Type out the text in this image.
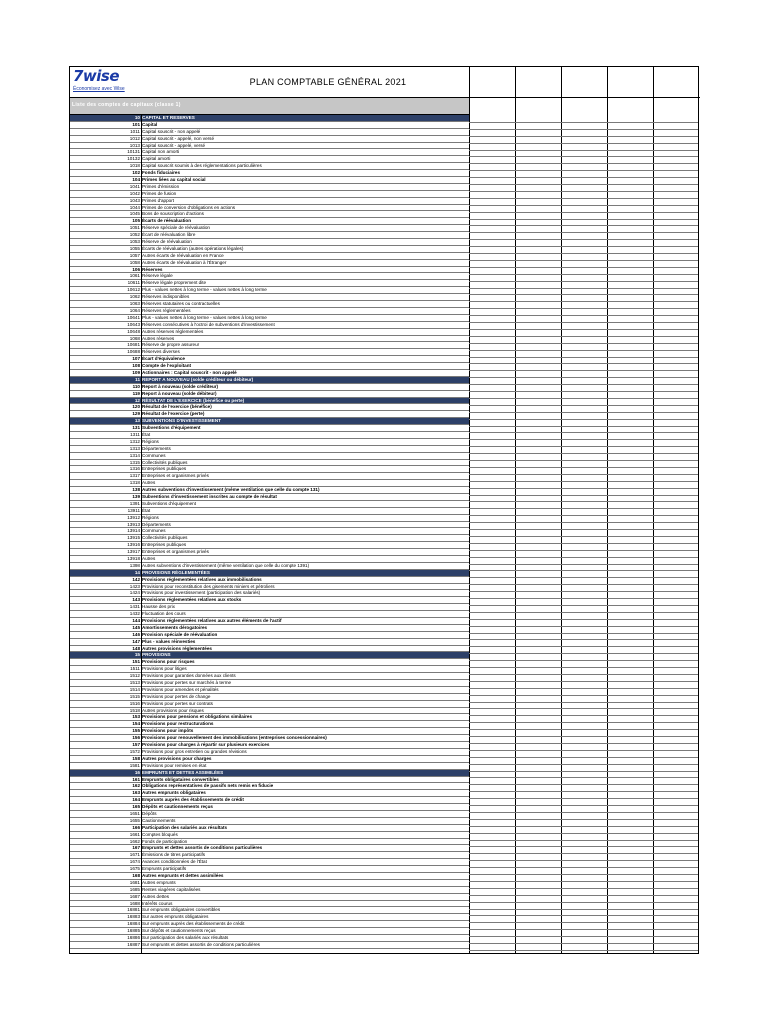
7wise
Économisez avec Wise
PLAN COMPTABLE GÉNÉRAL 2021
Liste des comptes de capitaux (classe 1)
10 CAPITAL ET RESERVES
101 Capital
1011 Capital souscrit - non appelé
1012 Capital souscrit - appelé, non versé
1013 Capital souscrit - appelé, versé
10131 Capital non amorti
10132 Capital amorti
1018 Capital souscrit soumis à des réglementations particulières
102 Fonds fiduciaires
104 Primes liées au capital social
1041 Primes d'émission
1042 Primes de fusion
1043 Primes d'apport
1044 Primes de conversion d'obligations en actions
1045 Bons de souscription d'actions
105 Écarts de réévaluation
1051 Réserve spéciale de réévaluation
1052 Écart de réévaluation libre
1053 Réserve de réévaluation
1055 Écarts de réévaluation (autres opérations légales)
1057 Autres écarts de réévaluation en France
1058 Autres écarts de réévaluation à l'Étranger
106 Réserves
1061 Réserve légale
10611 Réserve légale proprement dite
10612 Plus - values nettes à long terme - values nettes à long terme
1062 Réserves indisponibles
1063 Réserves statutaires ou contractuelles
1064 Réserves réglementées
10641 Plus - values nettes à long terme - values nettes à long terme
10643 Réserves consécutives à l'octroi de subventions d'investissement
10648 Autres réserves réglementées
1068 Autres réserves
10681 Réserve de propre assureur
10688 Réserves diverses
107 Écart d'équivalence
108 Compte de l'exploitant
109 Actionnaires : Capital souscrit - non appelé
11 REPORT A NOUVEAU (solde créditeur ou débiteur)
110 Report à nouveau (solde créditeur)
119 Report à nouveau (solde débiteur)
12 RÉSULTAT DE L'EXERCICE (bénéfice ou perte)
120 Résultat de l'exercice (bénéfice)
129 Résultat de l'exercice (perte)
13 SUBVENTIONS D'INVESTISSEMENT
131 Subventions d'équipement
1311 État
1312 Régions
1313 Départements
1314 Communes
1315 Collectivités publiques
1316 Entreprises publiques
1317 Entreprises et organismes privés
1318 Autres
138 Autres subventions d'investissement (même ventilation que celle du compte 131)
139 Subventions d'investissement inscrites au compte de résultat
1391 Subventions d'équipement
13911 État
13912 Régions
13913 Départements
13914 Communes
13915 Collectivités publiques
13916 Entreprises publiques
13917 Entreprises et organismes privés
13918 Autres
1398 Autres subventions d'investissement (même ventilation que celle du compte 1391)
14 PROVISIONS RÉGLEMENTÉES
142 Provisions réglementées relatives aux immobilisations
1423 Provisions pour reconstitution des gisements miniers et pétroliers
1424 Provisions pour investissement (participation des salariés)
143 Provisions réglementées relatives aux stocks
1431 Hausse des prix
1432 Fluctuation des cours
144 Provisions réglementées relatives aux autres éléments de l'actif
145 Amortissements dérogatoires
146 Provision spéciale de réévaluation
147 Plus - values réinvesties
148 Autres provisions réglementées
15 PROVISIONS
151 Provisions pour risques
1511 Provisions pour litiges
1512 Provisions pour garanties données aux clients
1513 Provisions pour pertes sur marchés à terme
1514 Provisions pour amendes et pénalités
1515 Provisions pour pertes de change
1516 Provisions pour pertes sur contrats
1518 Autres provisions pour risques
153 Provisions pour pensions et obligations similaires
154 Provisions pour restructurations
155 Provisions pour impôts
156 Provisions pour renouvellement des immobilisations (entreprises concessionnaires)
157 Provisions pour charges à répartir sur plusieurs exercices
1572 Provisions pour gros entretien ou grandes révisions
158 Autres provisions pour charges
1581 Provisions pour remises en état
16 EMPRUNTS ET DETTES ASSIMILÉES
161 Emprunts obligataires convertibles
162 Obligations représentatives de passifs nets remis en fiducie
163 Autres emprunts obligataires
164 Emprunts auprès des établissements de crédit
165 Dépôts et cautionnements reçus
1651 Dépôts
1655 Cautionnements
166 Participation des salariés aux résultats
1661 Comptes bloqués
1662 Fonds de participation
167 Emprunts et dettes assortis de conditions particulières
1671 Émissions de titres participatifs
1674 Avances conditionnées de l'État
1675 Emprunts participatifs
168 Autres emprunts et dettes assimilées
1681 Autres emprunts
1685 Rentes viagères capitalisées
1687 Autres dettes
1688 Intérêts courus
16881 Sur emprunts obligataires convertibles
16883 Sur autres emprunts obligataires
16884 Sur emprunts auprès des établissements de crédit
16885 Sur dépôts et cautionnements reçus
16886 Sur participation des salariés aux résultats
16887 Sur emprunts et dettes assortis de conditions particulières
